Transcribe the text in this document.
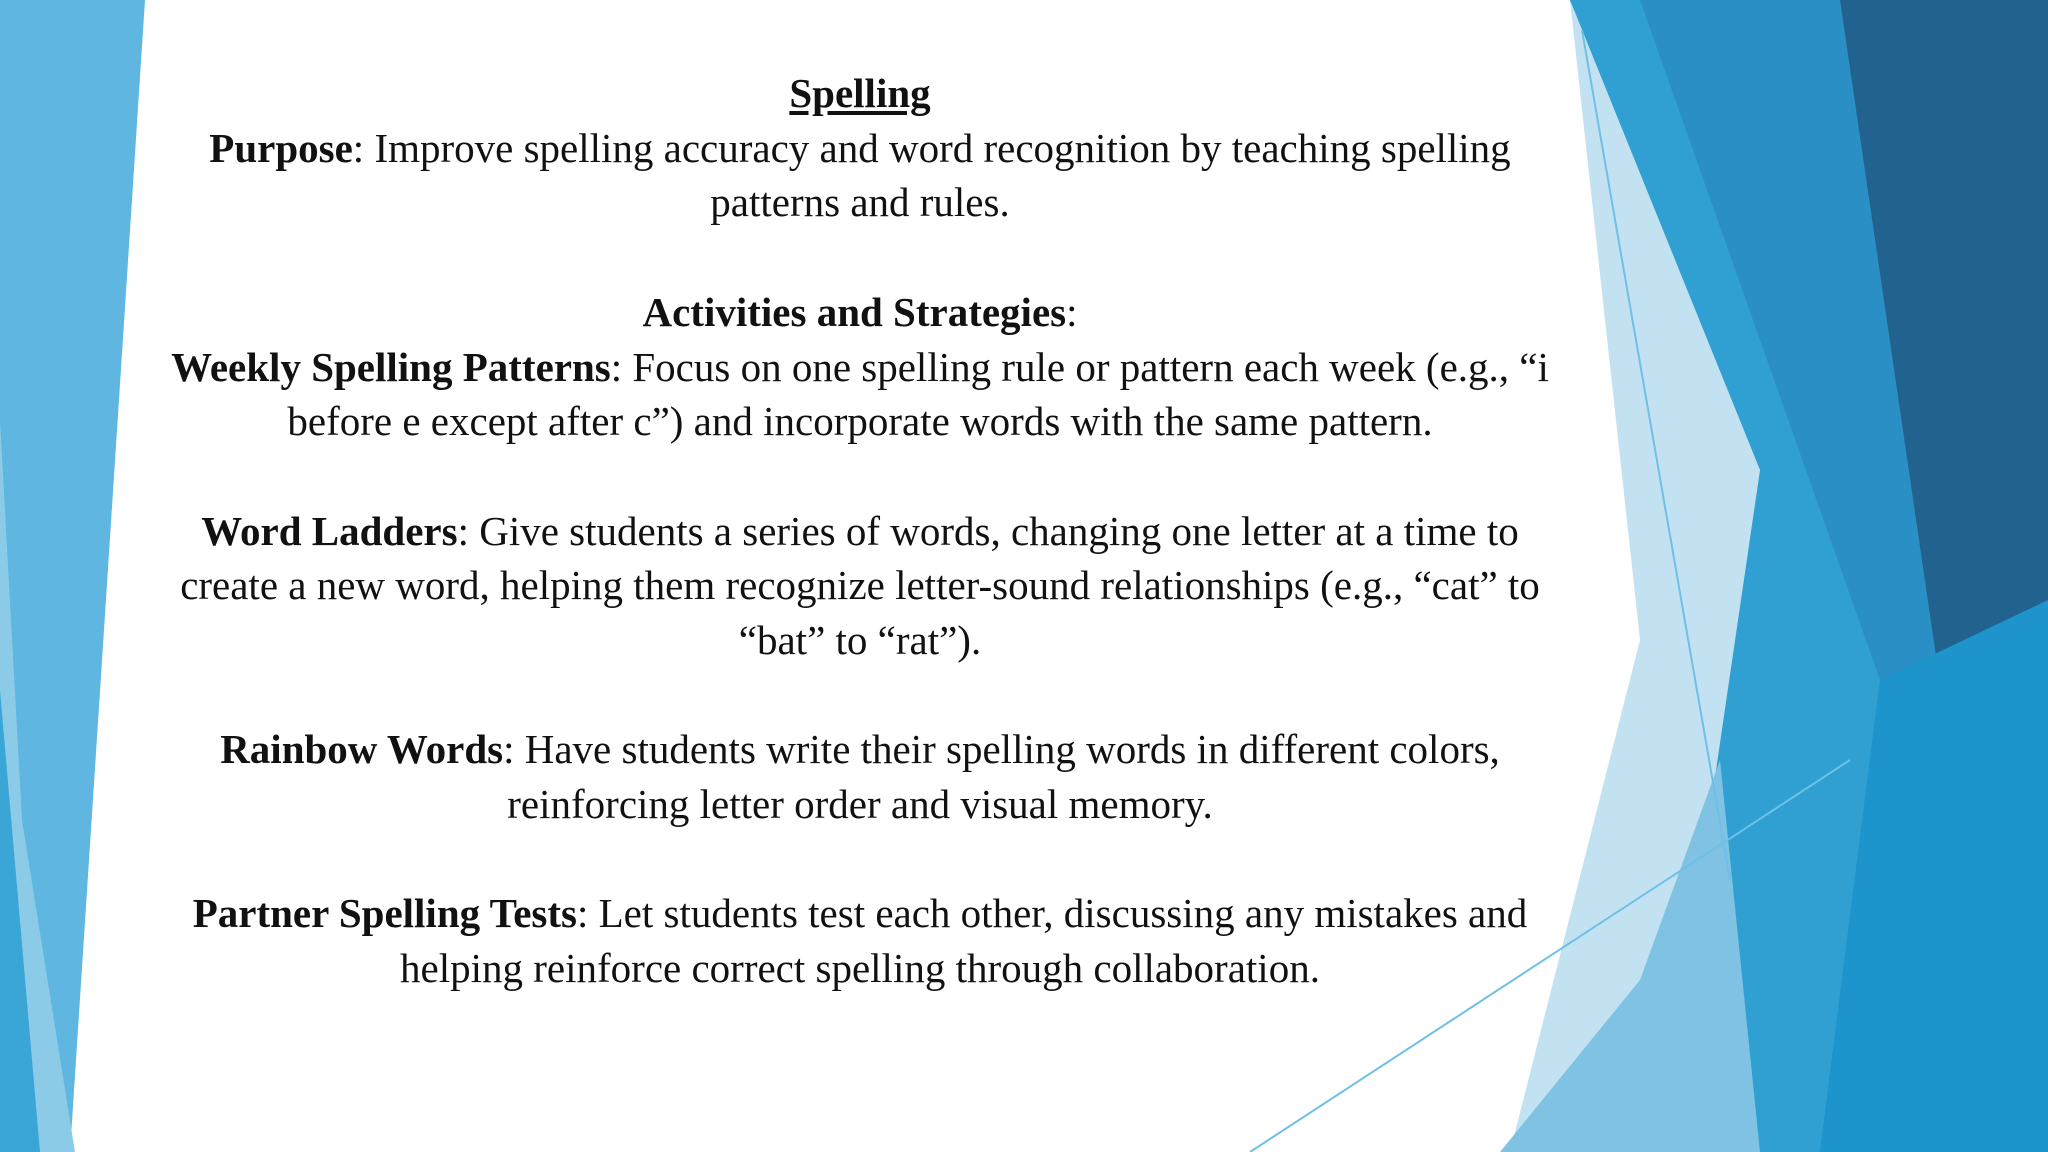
Spelling

Purpose: Improve spelling accuracy and word recognition by teaching spelling patterns and rules.

Activities and Strategies:

Weekly Spelling Patterns: Focus on one spelling rule or pattern each week (e.g., “i before e except after c”) and incorporate words with the same pattern.

Word Ladders: Give students a series of words, changing one letter at a time to create a new word, helping them recognize letter-sound relationships (e.g., “cat” to “bat” to “rat”).

Rainbow Words: Have students write their spelling words in different colors, reinforcing letter order and visual memory.

Partner Spelling Tests: Let students test each other, discussing any mistakes and helping reinforce correct spelling through collaboration.
